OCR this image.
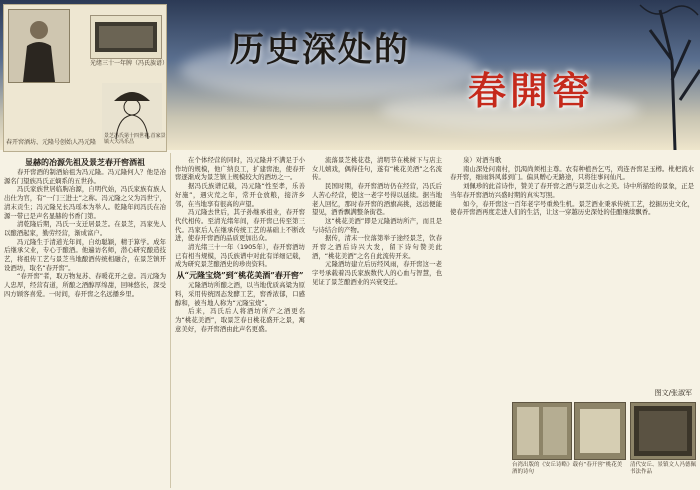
历史深处的
春開窖
春开窖酒坊、元隆号创始人冯元隆
光绪三十一年牌（冯氏族谱）
景芝冯氏第十四世祖,首家景镇大夫冯乐昌

显赫的冶源先祖及景芝春开窖酒祖

春开窖酒的制酒始祖为冯元隆。冯元隆何人？他是冶源名门望族冯氏正嫡系的五世孙。

冯氏家族世居临朐冶源，自明代始，冯氏家族有族人出仕为官，有“一门三进士”之称。冯元隆之父为冯世宁，清末贡生；冯元隆兄长冯瑶本为举人。乾隆年间冯氏在冶源一带已是声名显赫的书香门第。

清乾隆后期，冯氏一支迁居景芝。在景芝，冯家先人以酿酒起家，勤劳经营，渐成富户。

冯元隆生于清道光年间，自幼聪颖，精于算学。成年后继承父业，专心于酿酒。他遍访名师，潜心研究酿造技艺，将祖传工艺与景芝当地酿酒传统相融合，在景芝镇开设酒坊，取名“春开窖”。

“春开窖”者，取万物复苏、春暖花开之意。冯元隆为人忠厚，经营有道，所酿之酒醇厚绵甜，回味悠长，深受四方顾客喜爱。一时间，春开窖之名远播乡里。

在个体经营的同时，冯元隆并不满足于小作坊的规模，他广纳良工，扩建窖池，使春开窖逐渐成为景芝镇上规模较大的酒坊之一。

据冯氏族谱记载，冯元隆“性至孝，乐善好施”，遇灾荒之年，常开仓放粮，接济乡邻，在当地享有很高的声望。

冯元隆去世后，其子孙继承祖业，春开窖代代相传。至清光绪年间，春开窖已传至第三代。冯家后人在继承传统工艺的基础上不断改进，使春开窖酒的品质更加出众。

清光绪三十一年（1905年），春开窖酒坊已有相当规模，冯氏族谱中对此有详细记载，成为研究景芝酿酒史的珍贵资料。

从“元隆宝烧”到“桃花美酒”春开窖”

元隆酒坊所酿之酒，以当地优质高粱为原料，采用传统固态发酵工艺，窖香浓郁，口感醇和，被当地人称为“元隆宝烧”。

后来，冯氏后人将酒坊所产之酒更名为“桃花美酒”，取景芝春日桃花盛开之景，寓意美好，春开窖酒由此声名更盛。

流落景芝桃花巷，清明节在桃树下与店主女儿嬉戏，偶得佳句，遂有“桃花美酒”之名流传。

民国时期，春开窖酒坊仍在经营，冯氏后人苦心经营，使这一老字号得以延续。据当地老人回忆，那时春开窖的酒旗高挑，远远便能望见，酒香飘满整条街巷。

这“桃花美酒”即是元隆酒坊所产，而且是与诗结合的产物。

据传，清末一位落第举子途经景芝，饮春开窖之酒后诗兴大发，留下诗句赞美此酒，“桃花美酒”之名自此流传开来。

元隆酒坊建立后历经风雨，春开窖这一老字号承载着冯氏家族数代人的心血与智慧，也见证了景芝酿酒业的兴衰变迁。

泉）对酒当歌

南山深处问南村，饥渴尚须相主尊。农有种植吾乞丐，鸡连吾窖足玉樽。枇杷流水春开窖，细雨斜风暮到门。偏具赠心无路途，只将往事问仙凡。

刘佩珍的此首诗作，赞美了春开窖之酒与景芝山水之美。诗中所描绘的景象，正是当年春开窖酒坊兴盛时期的真实写照。

如今，春开窖这一百年老字号重焕生机。景芝酒业秉承传统工艺，挖掘历史文化，使春开窖酒再度走进人们的生活，让这一穿越历史深处的佳酿继续飘香。

图文/张淑军
台湾出版的《安丘诗略》载有“春开窖”桃花美酒的诗句
清代安丘、景镇文人冯德佩书法作品
